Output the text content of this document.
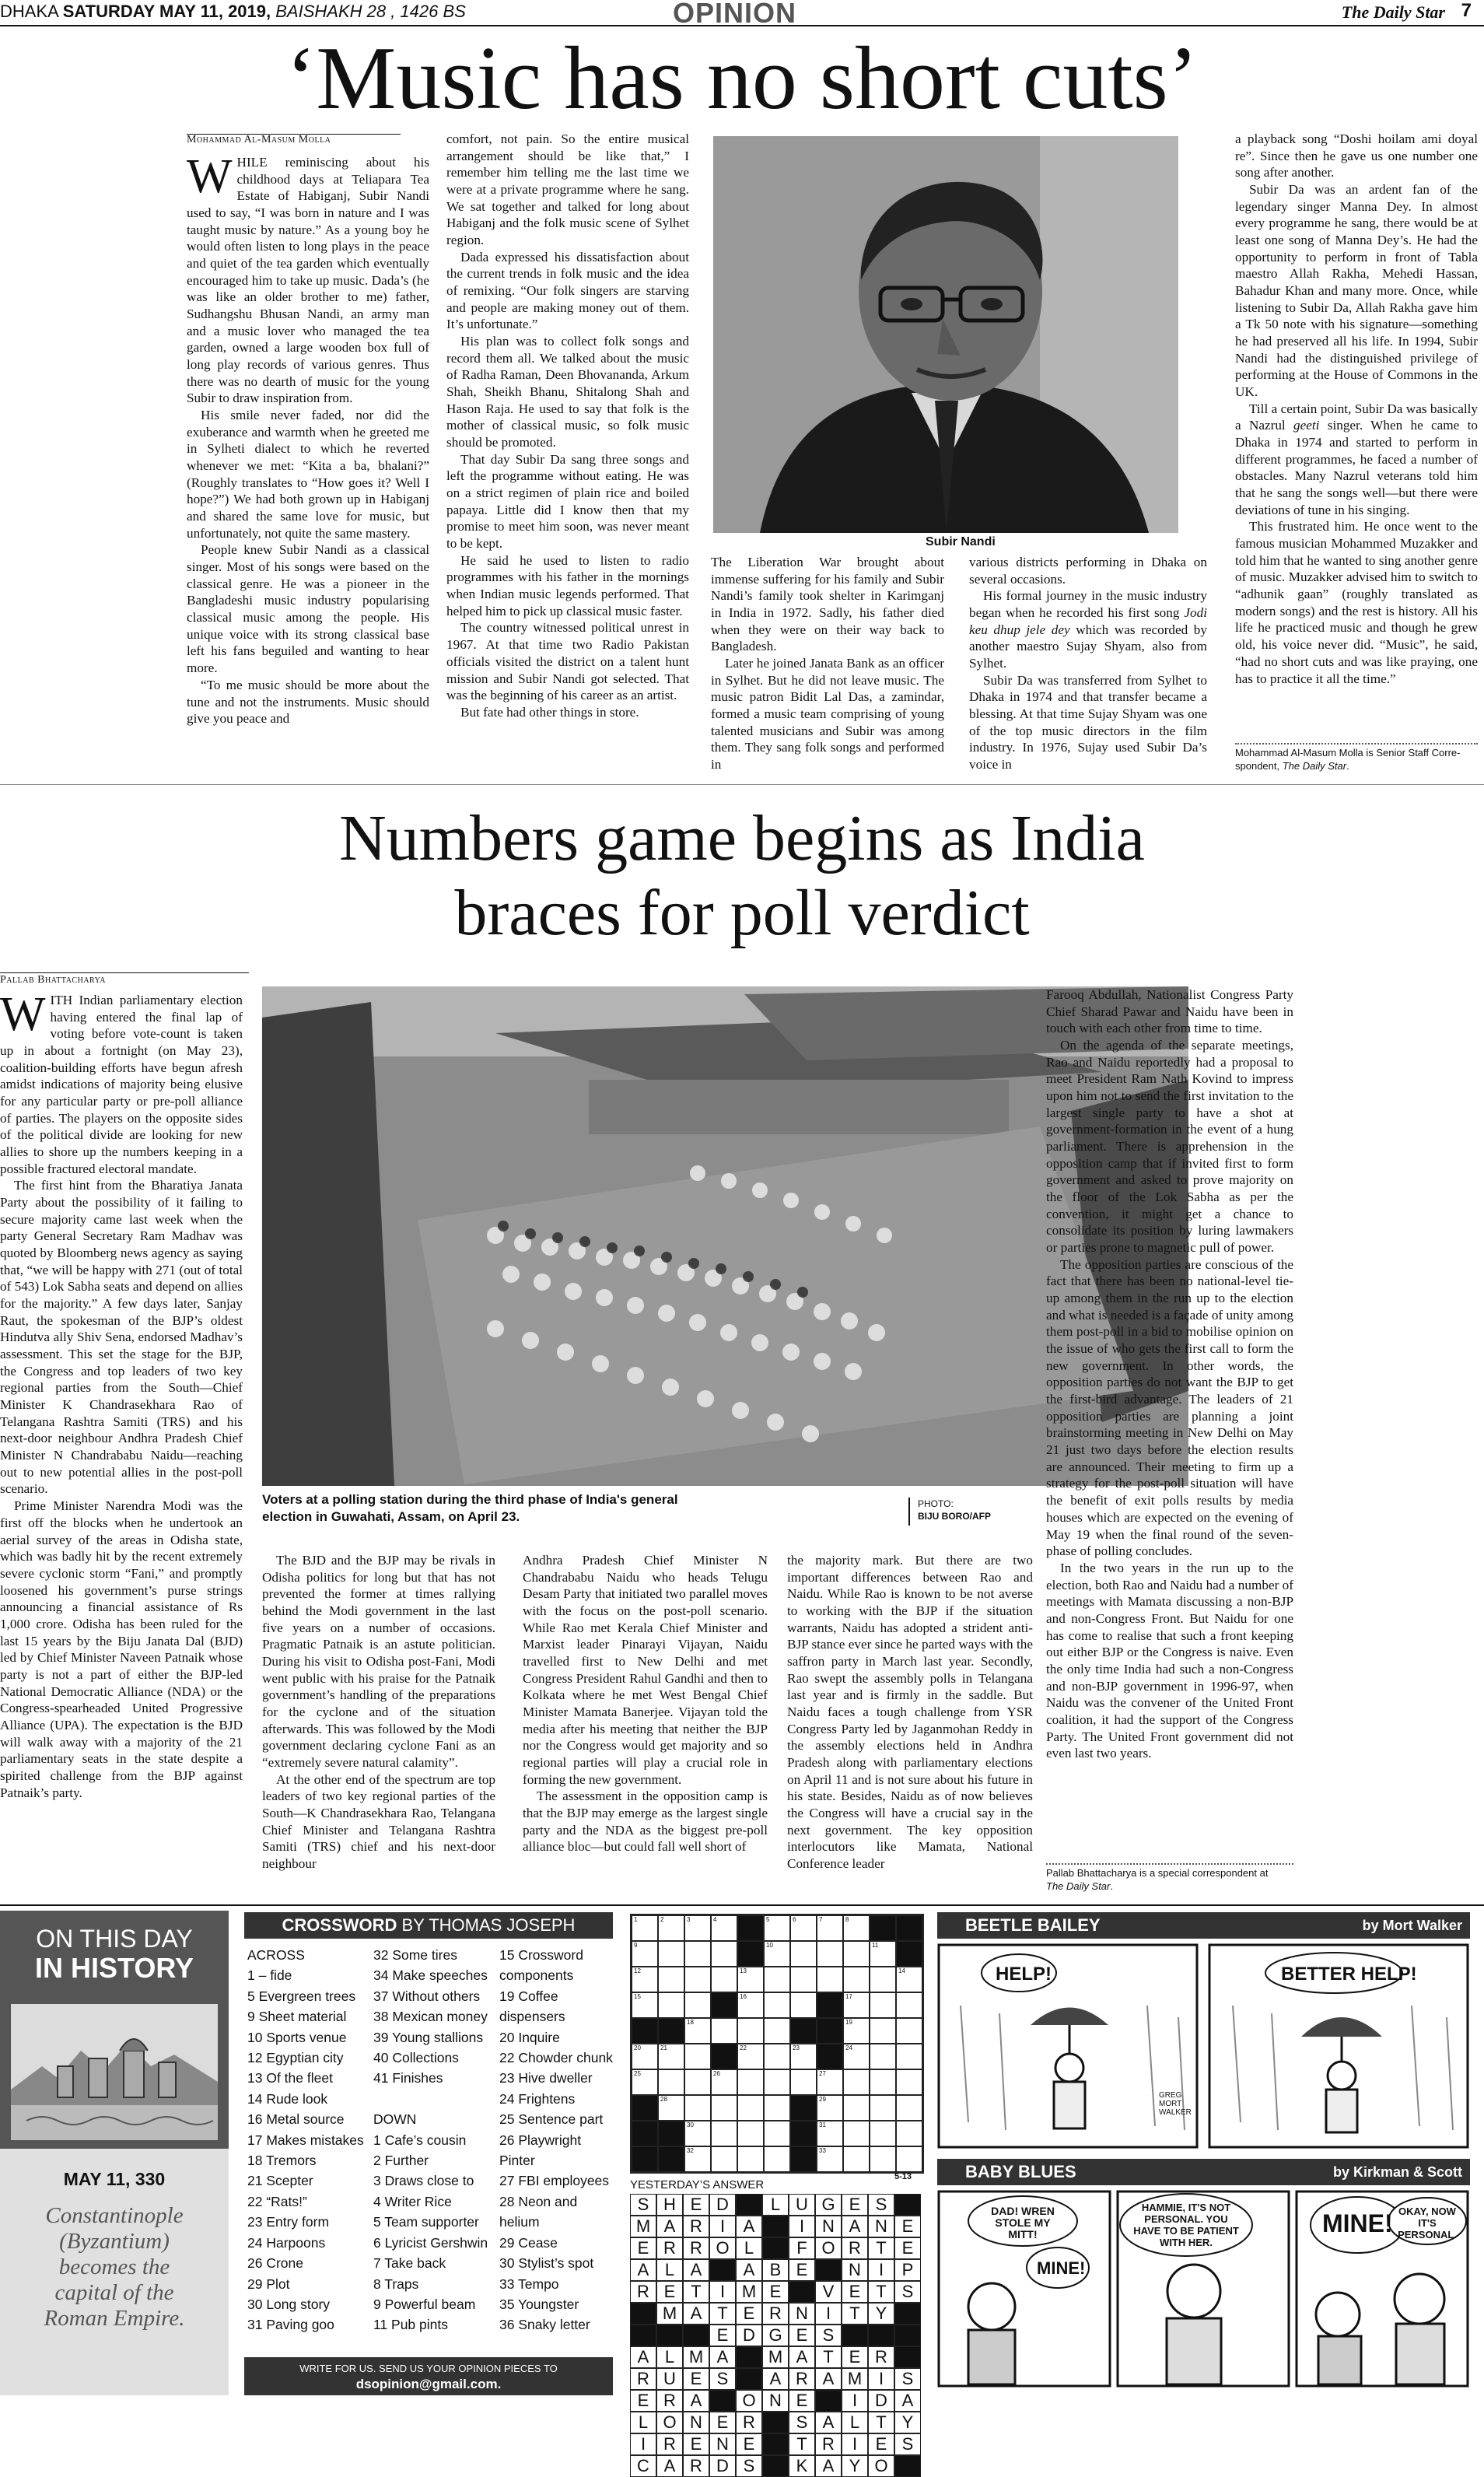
DHAKA SATURDAY MAY 11, 2019, BAISHAKH 28 , 1426 BS	OPINION	The Daily Star 7
‘Music has no short cuts’
Mohammad Al-Masum Molla

WHILE reminiscing about his childhood days at Teliapara Tea Estate of Habiganj, Subir Nandi used to say, “I was born in nature and I was taught music by nature.” As a young boy he would often listen to long plays in the peace and quiet of the tea garden which eventually encouraged him to take up music. Dada’s (he was like an older brother to me) father, Sudhangshu Bhusan Nandi, an army man and a music lover who managed the tea garden, owned a large wooden box full of long play records of various genres. Thus there was no dearth of music for the young Subir to draw inspiration from.

His smile never faded, nor did the exuberance and warmth when he greeted me in Sylheti dialect to which he reverted whenever we met: “Kita a ba, bhalani?” (Roughly translates to “How goes it? Well I hope?”) We had both grown up in Habiganj and shared the same love for music, but unfortunately, not quite the same mastery.

People knew Subir Nandi as a classical singer. Most of his songs were based on the classical genre. He was a pioneer in the Bangladeshi music industry popularising classical music among the people. His unique voice with its strong classical base left his fans beguiled and wanting to hear more.

“To me music should be more about the tune and not the instruments. Music should give you peace and

comfort, not pain. So the entire musical arrangement should be like that,” I remember him telling me the last time we were at a private programme where he sang. We sat together and talked for long about Habiganj and the folk music scene of Sylhet region.

Dada expressed his dissatisfaction about the current trends in folk music and the idea of remixing. “Our folk singers are starving and people are making money out of them. It’s unfortunate.”

His plan was to collect folk songs and record them all. We talked about the music of Radha Raman, Deen Bhovananda, Arkum Shah, Sheikh Bhanu, Shitalong Shah and Hason Raja. He used to say that folk is the mother of classical music, so folk music should be promoted.

That day Subir Da sang three songs and left the programme without eating. He was on a strict regimen of plain rice and boiled papaya. Little did I know then that my promise to meet him soon, was never meant to be kept.

He said he used to listen to radio programmes with his father in the mornings when Indian music legends performed. That helped him to pick up classical music faster.

The country witnessed political unrest in 1967. At that time two Radio Pakistan officials visited the district on a talent hunt mission and Subir Nandi got selected. That was the beginning of his career as an artist.

But fate had other things in store.

Subir Nandi

The Liberation War brought about immense suffering for his family and Subir Nandi’s family took shelter in Karimganj in India in 1972. Sadly, his father died when they were on their way back to Bangladesh.

Later he joined Janata Bank as an officer in Sylhet. But he did not leave music. The music patron Bidit Lal Das, a zamindar, formed a music team comprising of young talented musicians and Subir was among them. They sang folk songs and performed in

various districts performing in Dhaka on several occasions.

His formal journey in the music industry began when he recorded his first song Jodi keu dhup jele dey which was recorded by another maestro Sujay Shyam, also from Sylhet.

Subir Da was transferred from Sylhet to Dhaka in 1974 and that transfer became a blessing. At that time Sujay Shyam was one of the top music directors in the film industry. In 1976, Sujay used Subir Da’s voice in

a playback song “Doshi hoilam ami doyal re”. Since then he gave us one number one song after another.

Subir Da was an ardent fan of the legendary singer Manna Dey. In almost every programme he sang, there would be at least one song of Manna Dey’s. He had the opportunity to perform in front of Tabla maestro Allah Rakha, Mehedi Hassan, Bahadur Khan and many more. Once, while listening to Subir Da, Allah Rakha gave him a Tk 50 note with his signature—something he had preserved all his life. In 1994, Subir Nandi had the distinguished privilege of performing at the House of Commons in the UK.

Till a certain point, Subir Da was basically a Nazrul geeti singer. When he came to Dhaka in 1974 and started to perform in different programmes, he faced a number of obstacles. Many Nazrul veterans told him that he sang the songs well—but there were deviations of tune in his singing.

This frustrated him. He once went to the famous musician Mohammed Muzakker and told him that he wanted to sing another genre of music. Muzakker advised him to switch to “adhunik gaan” (roughly translated as modern songs) and the rest is history. All his life he practiced music and though he grew old, his voice never did. “Music”, he said, “had no short cuts and was like praying, one has to practice it all the time.”

Mohammad Al-Masum Molla is Senior Staff Corre-
spondent, The Daily Star.
Numbers game begins as India
braces for poll verdict
Pallab Bhattacharya

WITH Indian parliamentary election having entered the final lap of voting before vote-count is taken up in about a fortnight (on May 23), coalition-building efforts have begun afresh amidst indications of majority being elusive for any particular party or pre-poll alliance of parties. The players on the opposite sides of the political divide are looking for new allies to shore up the numbers keeping in a possible fractured electoral mandate.

The first hint from the Bharatiya Janata Party about the possibility of it failing to secure majority came last week when the party General Secretary Ram Madhav was quoted by Bloomberg news agency as saying that, “we will be happy with 271 (out of total of 543) Lok Sabha seats and depend on allies for the majority.” A few days later, Sanjay Raut, the spokesman of the BJP’s oldest Hindutva ally Shiv Sena, endorsed Madhav’s assessment. This set the stage for the BJP, the Congress and top leaders of two key regional parties from the South—Chief Minister K Chandrasekhara Rao of Telangana Rashtra Samiti (TRS) and his next-door neighbour Andhra Pradesh Chief Minister N Chandrababu Naidu—reaching out to new potential allies in the post-poll scenario.

Prime Minister Narendra Modi was the first off the blocks when he undertook an aerial survey of the areas in Odisha state, which was badly hit by the recent extremely severe cyclonic storm “Fani,” and promptly loosened his government’s purse strings announcing a financial assistance of Rs 1,000 crore. Odisha has been ruled for the last 15 years by the Biju Janata Dal (BJD) led by Chief Minister Naveen Patnaik whose party is not a part of either the BJP-led National Democratic Alliance (NDA) or the Congress-spearheaded United Progressive Alliance (UPA). The expectation is the BJD will walk away with a majority of the 21 parliamentary seats in the state despite a spirited challenge from the BJP against Patnaik’s party.

Voters at a polling station during the third phase of India's general
election in Guwahati, Assam, on April 23.
PHOTO:
BIJU BORO/AFP

The BJD and the BJP may be rivals in Odisha politics for long but that has not prevented the former at times rallying behind the Modi government in the last five years on a number of occasions. Pragmatic Patnaik is an astute politician. During his visit to Odisha post-Fani, Modi went public with his praise for the Patnaik government’s handling of the preparations for the cyclone and of the situation afterwards. This was followed by the Modi government declaring cyclone Fani as an “extremely severe natural calamity”.

At the other end of the spectrum are top leaders of two key regional parties of the South—K Chandrasekhara Rao, Telangana Chief Minister and Telangana Rashtra Samiti (TRS) chief and his next-door neighbour

Andhra Pradesh Chief Minister N Chandrababu Naidu who heads Telugu Desam Party that initiated two parallel moves with the focus on the post-poll scenario. While Rao met Kerala Chief Minister and Marxist leader Pinarayi Vijayan, Naidu travelled first to New Delhi and met Congress President Rahul Gandhi and then to Kolkata where he met West Bengal Chief Minister Mamata Banerjee. Vijayan told the media after his meeting that neither the BJP nor the Congress would get majority and so regional parties will play a crucial role in forming the new government.

The assessment in the opposition camp is that the BJP may emerge as the largest single party and the NDA as the biggest pre-poll alliance bloc—but could fall well short of

the majority mark. But there are two important differences between Rao and Naidu. While Rao is known to be not averse to working with the BJP if the situation warrants, Naidu has adopted a strident anti-BJP stance ever since he parted ways with the saffron party in March last year. Secondly, Rao swept the assembly polls in Telangana last year and is firmly in the saddle. But Naidu faces a tough challenge from YSR Congress Party led by Jaganmohan Reddy in the assembly elections held in Andhra Pradesh along with parliamentary elections on April 11 and is not sure about his future in his state. Besides, Naidu as of now believes the Congress will have a crucial say in the next government. The key opposition interlocutors like Mamata, National Conference leader

Farooq Abdullah, Nationalist Congress Party Chief Sharad Pawar and Naidu have been in touch with each other from time to time.

On the agenda of the separate meetings, Rao and Naidu reportedly had a proposal to meet President Ram Nath Kovind to impress upon him not to send the first invitation to the largest single party to have a shot at government-formation in the event of a hung parliament. There is apprehension in the opposition camp that if invited first to form government and asked to prove majority on the floor of the Lok Sabha as per the convention, it might get a chance to consolidate its position by luring lawmakers or parties prone to magnetic pull of power.

The opposition parties are conscious of the fact that there has been no national-level tie-up among them in the run up to the election and what is needed is a façade of unity among them post-poll in a bid to mobilise opinion on the issue of who gets the first call to form the new government. In other words, the opposition parties do not want the BJP to get the first-bird advantage. The leaders of 21 opposition parties are planning a joint brainstorming meeting in New Delhi on May 21 just two days before the election results are announced. Their meeting to firm up a strategy for the post-poll situation will have the benefit of exit polls results by media houses which are expected on the evening of May 19 when the final round of the seven-phase of polling concludes.

In the two years in the run up to the election, both Rao and Naidu had a number of meetings with Mamata discussing a non-BJP and non-Congress Front. But Naidu for one has come to realise that such a front keeping out either BJP or the Congress is naive. Even the only time India had such a non-Congress and non-BJP government in 1996-97, when Naidu was the convener of the United Front coalition, it had the support of the Congress Party. The United Front government did not even last two years.

Pallab Bhattacharya is a special correspondent at
The Daily Star.
ON THIS DAY
IN HISTORY
MAY 11, 330
Constantinople (Byzantium) becomes the capital of the Roman Empire.
CROSSWORD BY THOMAS JOSEPH
ACROSS
1 – fide
5 Evergreen trees
9 Sheet material
10 Sports venue
12 Egyptian city
13 Of the fleet
14 Rude look
16 Metal source
17 Makes mistakes
18 Tremors
21 Scepter
22 “Rats!”
23 Entry form
24 Harpoons
26 Crone
29 Plot
30 Long story
31 Paving goo
32 Some tires
34 Make speeches
37 Without others
38 Mexican money
39 Young stallions
40 Collections
41 Finishes

DOWN
1 Cafe’s cousin
2 Further
3 Draws close to
4 Writer Rice
5 Team supporter
6 Lyricist Gershwin
7 Take back
8 Traps
9 Powerful beam
11 Pub pints
15 Crossword
components
19 Coffee
dispensers
20 Inquire
22 Chowder chunk
23 Hive dweller
24 Frightens
25 Sentence part
26 Playwright
Pinter
27 FBI employees
28 Neon and
helium
29 Cease
30 Stylist’s spot
33 Tempo
35 Youngster
36 Snaky letter
1	2	3	4	5	6	7	8
9	10	11
12	13	14
15	16	17
18	19
20	21	22	23	24
25	26	27
28	29
30	31
32	33
5-13
YESTERDAY’S ANSWER
S H E D	L U G E S
M A R	I	A	I	N A N E
E R R O L	F O R T E
A L A	A B E	N	I	P
R E T	I M E	V E T S
M A T E R N	I	T Y
E D G E S
A L M A	M A T E R
R U E S	A R A M I	S
E R A	O N E	I	D A
L O N E R	S A L T Y
I	R E N E	T R	I	E S
C A R D S	K A Y O
WRITE FOR US. SEND US YOUR OPINION PIECES TO
dsopinion@gmail.com.
BEETLE BAILEY	by Mort Walker
HELP!	BETTER HELP!
GREG MORT WALKER
BABY BLUES	by Kirkman & Scott
DAD! WREN STOLE MY MITT!
MINE!
HAMMIE, IT'S NOT PERSONAL. YOU HAVE TO BE PATIENT WITH HER.
MINE! OKAY, NOW IT'S PERSONAL.
